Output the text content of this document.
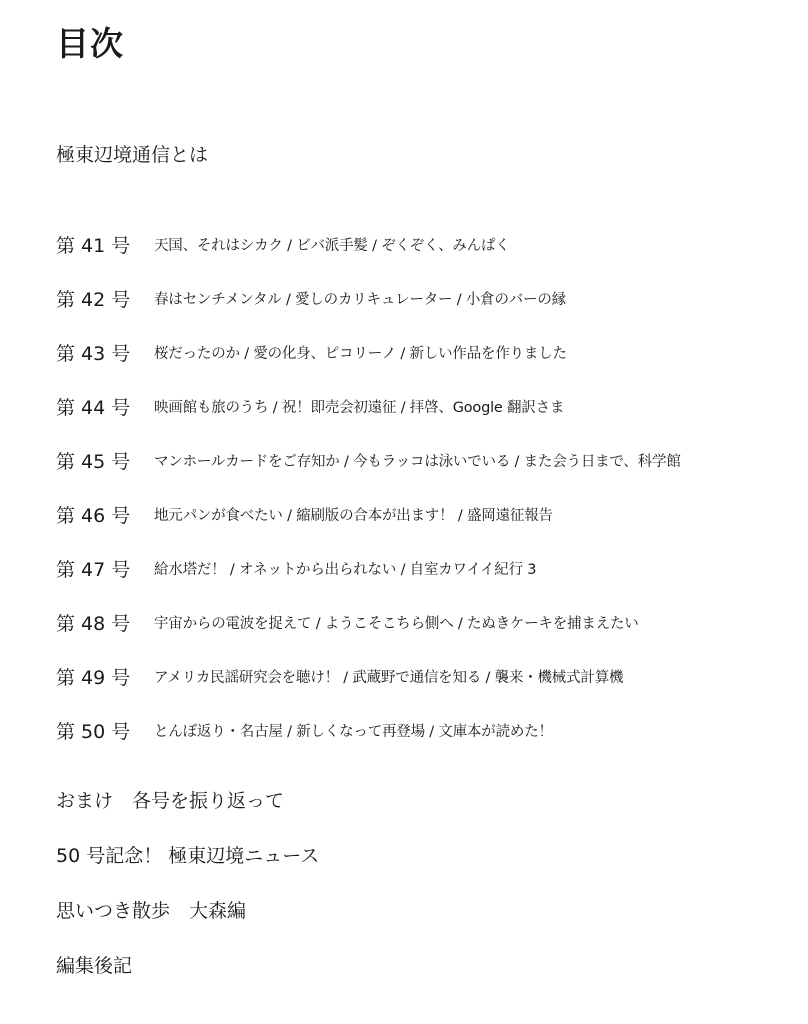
目次
極東辺境通信とは
第 41 号	天国、それはシカク / ビバ派手髪 / ぞくぞく、みんぱく
第 42 号	春はセンチメンタル / 愛しのカリキュレーター / 小倉のバーの縁
第 43 号	桜だったのか / 愛の化身、ピコリーノ / 新しい作品を作りました
第 44 号	映画館も旅のうち / 祝！即売会初遠征 / 拝啓、Google 翻訳さま
第 45 号	マンホールカードをご存知か / 今もラッコは泳いでいる / また会う日まで、科学館
第 46 号	地元パンが食べたい / 縮刷版の合本が出ます！ / 盛岡遠征報告
第 47 号	給水塔だ！ / オネットから出られない / 自室カワイイ紀行 3
第 48 号	宇宙からの電波を捉えて / ようこそこちら側へ / たぬきケーキを捕まえたい
第 49 号	アメリカ民謡研究会を聴け！ / 武蔵野で通信を知る / 襲来・機械式計算機
第 50 号	とんぼ返り・名古屋 / 新しくなって再登場 / 文庫本が読めた！
おまけ　各号を振り返って
50 号記念！ 極東辺境ニュース
思いつき散歩　大森編
編集後記
